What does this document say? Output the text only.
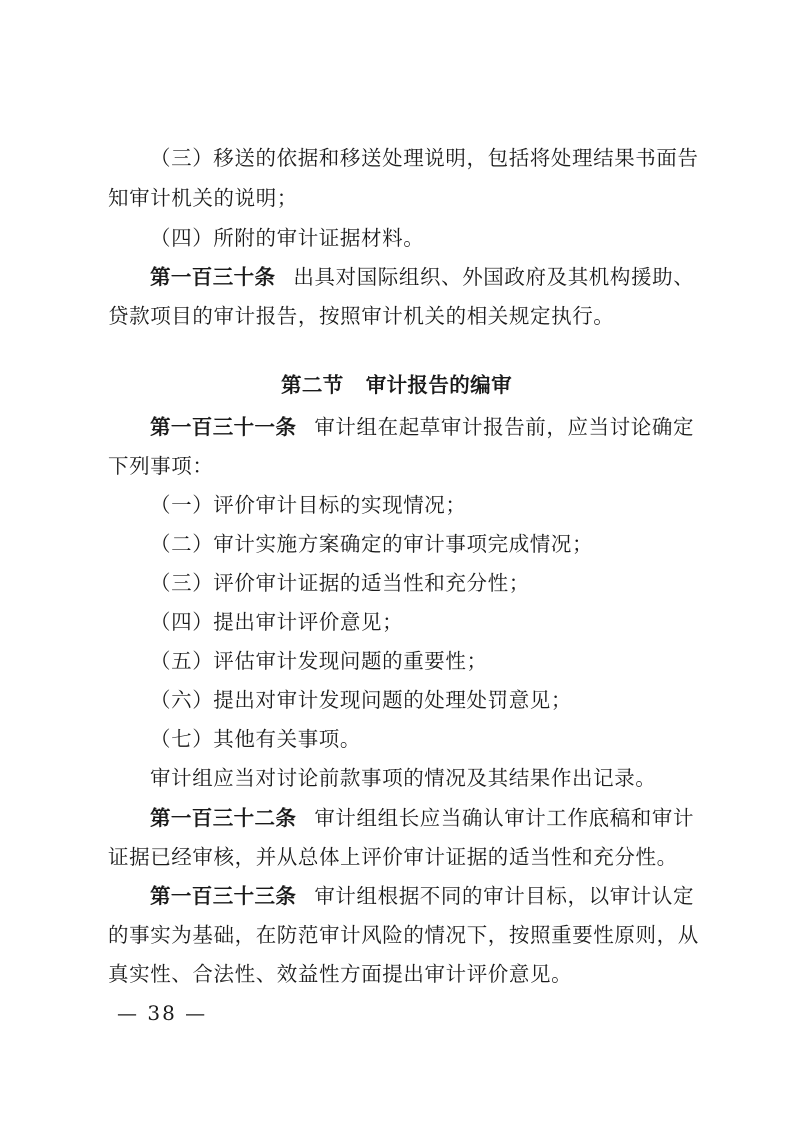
（三）移送的依据和移送处理说明，包括将处理结果书面告
知审计机关的说明；
（四）所附的审计证据材料。
第一百三十条 出具对国际组织、外国政府及其机构援助、
贷款项目的审计报告，按照审计机关的相关规定执行。
第二节 审计报告的编审
第一百三十一条 审计组在起草审计报告前，应当讨论确定
下列事项：
（一）评价审计目标的实现情况；
（二）审计实施方案确定的审计事项完成情况；
（三）评价审计证据的适当性和充分性；
（四）提出审计评价意见；
（五）评估审计发现问题的重要性；
（六）提出对审计发现问题的处理处罚意见；
（七）其他有关事项。
审计组应当对讨论前款事项的情况及其结果作出记录。
第一百三十二条 审计组组长应当确认审计工作底稿和审计
证据已经审核，并从总体上评价审计证据的适当性和充分性。
第一百三十三条 审计组根据不同的审计目标，以审计认定
的事实为基础，在防范审计风险的情况下，按照重要性原则，从
真实性、合法性、效益性方面提出审计评价意见。
— 38 —
